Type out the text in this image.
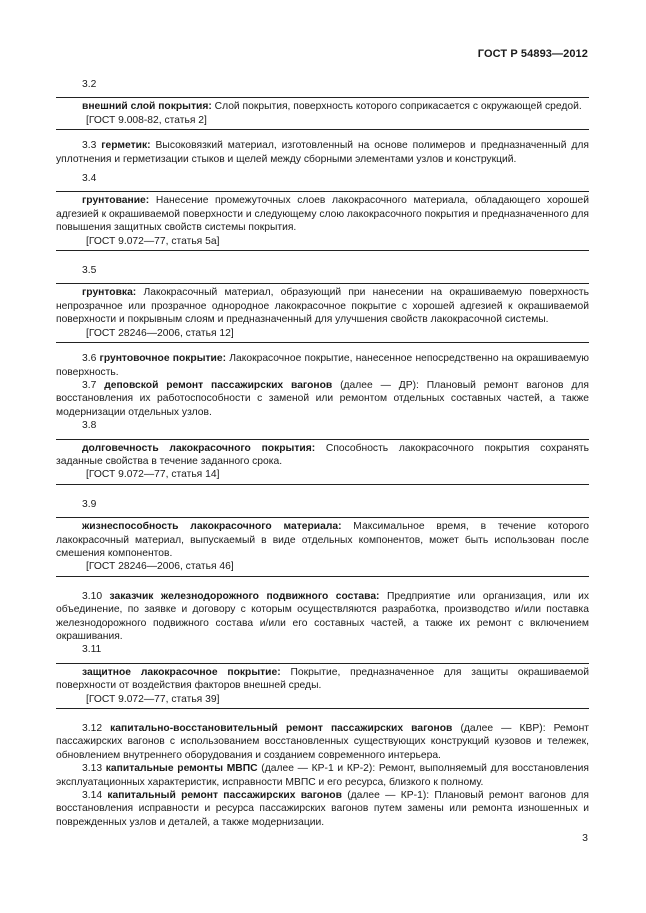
ГОСТ Р 54893—2012

3.2

внешний слой покрытия: Слой покрытия, поверхность которого соприкасается с окружающей средой.

[ГОСТ 9.008-82, статья 2]

3.3 герметик: Высоковязкий материал, изготовленный на основе полимеров и предназначенный для уплотнения и герметизации стыков и щелей между сборными элементами узлов и конструкций.

3.4

грунтование: Нанесение промежуточных слоев лакокрасочного материала, обладающего хорошей адгезией к окрашиваемой поверхности и следующему слою лакокрасочного покрытия и предназначенного для повышения защитных свойств системы покрытия.

[ГОСТ 9.072—77, статья 5а]

3.5

грунтовка: Лакокрасочный материал, образующий при нанесении на окрашиваемую поверхность непрозрачное или прозрачное однородное лакокрасочное покрытие с хорошей адгезией к окрашиваемой поверхности и покрывным слоям и предназначенный для улучшения свойств лакокрасочной системы.

[ГОСТ 28246—2006, статья 12]

3.6 грунтовочное покрытие: Лакокрасочное покрытие, нанесенное непосредственно на окрашиваемую поверхность.

3.7 деповской ремонт пассажирских вагонов (далее — ДР): Плановый ремонт вагонов для восстановления их работоспособности с заменой или ремонтом отдельных составных частей, а также модернизации отдельных узлов.

3.8

долговечность лакокрасочного покрытия: Способность лакокрасочного покрытия сохранять заданные свойства в течение заданного срока.

[ГОСТ 9.072—77, статья 14]

3.9

жизнеспособность лакокрасочного материала: Максимальное время, в течение которого лакокрасочный материал, выпускаемый в виде отдельных компонентов, может быть использован после смешения компонентов.

[ГОСТ 28246—2006, статья 46]

3.10 заказчик железнодорожного подвижного состава: Предприятие или организация, или их объединение, по заявке и договору с которым осуществляются разработка, производство и/или поставка железнодорожного подвижного состава и/или его составных частей, а также их ремонт с включением окрашивания.

3.11

защитное лакокрасочное покрытие: Покрытие, предназначенное для защиты окрашиваемой поверхности от воздействия факторов внешней среды.

[ГОСТ 9.072—77, статья 39]

3.12 капитально-восстановительный ремонт пассажирских вагонов (далее — КВР): Ремонт пассажирских вагонов с использованием восстановленных существующих конструкций кузовов и тележек, обновлением внутреннего оборудования и созданием современного интерьера.

3.13 капитальные ремонты МВПС (далее — КР-1 и КР-2): Ремонт, выполняемый для восстановления эксплуатационных характеристик, исправности МВПС и его ресурса, близкого к полному.

3.14 капитальный ремонт пассажирских вагонов (далее — КР-1): Плановый ремонт вагонов для восстановления исправности и ресурса пассажирских вагонов путем замены или ремонта изношенных и поврежденных узлов и деталей, а также модернизации.

3
